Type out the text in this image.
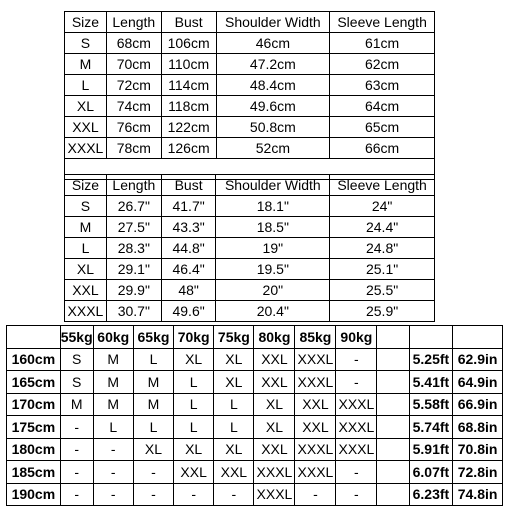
Size	Length	Bust	Shoulder Width	Sleeve Length
S	68cm	106cm	46cm	61cm
M	70cm	110cm	47.2cm	62cm
L	72cm	114cm	48.4cm	63cm
XL	74cm	118cm	49.6cm	64cm
XXL	76cm	122cm	50.8cm	65cm
XXXL	78cm	126cm	52cm	66cm

Size	Length	Bust	Shoulder Width	Sleeve Length
S	26.7"	41.7"	18.1"	24"
M	27.5"	43.3"	18.5"	24.4"
L	28.3"	44.8"	19"	24.8"
XL	29.1"	46.4"	19.5"	25.1"
XXL	29.9"	48"	20"	25.5"
XXXL	30.7"	49.6"	20.4"	25.9"
	55kg	60kg	65kg	70kg	75kg	80kg	85kg	90kg			
160cm	S	M	L	XL	XL	XXL	XXXL	-		5.25ft	62.9in
165cm	S	M	M	L	XL	XXL	XXXL	-		5.41ft	64.9in
170cm	M	M	M	L	L	XL	XXL	XXXL		5.58ft	66.9in
175cm	-	L	L	L	L	XL	XXL	XXXL		5.74ft	68.8in
180cm	-	-	XL	XL	XL	XXL	XXXL	XXXL		5.91ft	70.8in
185cm	-	-	-	XXL	XXL	XXXL	XXXL	-		6.07ft	72.8in
190cm	-	-	-	-	-	XXXL	-	-		6.23ft	74.8in
